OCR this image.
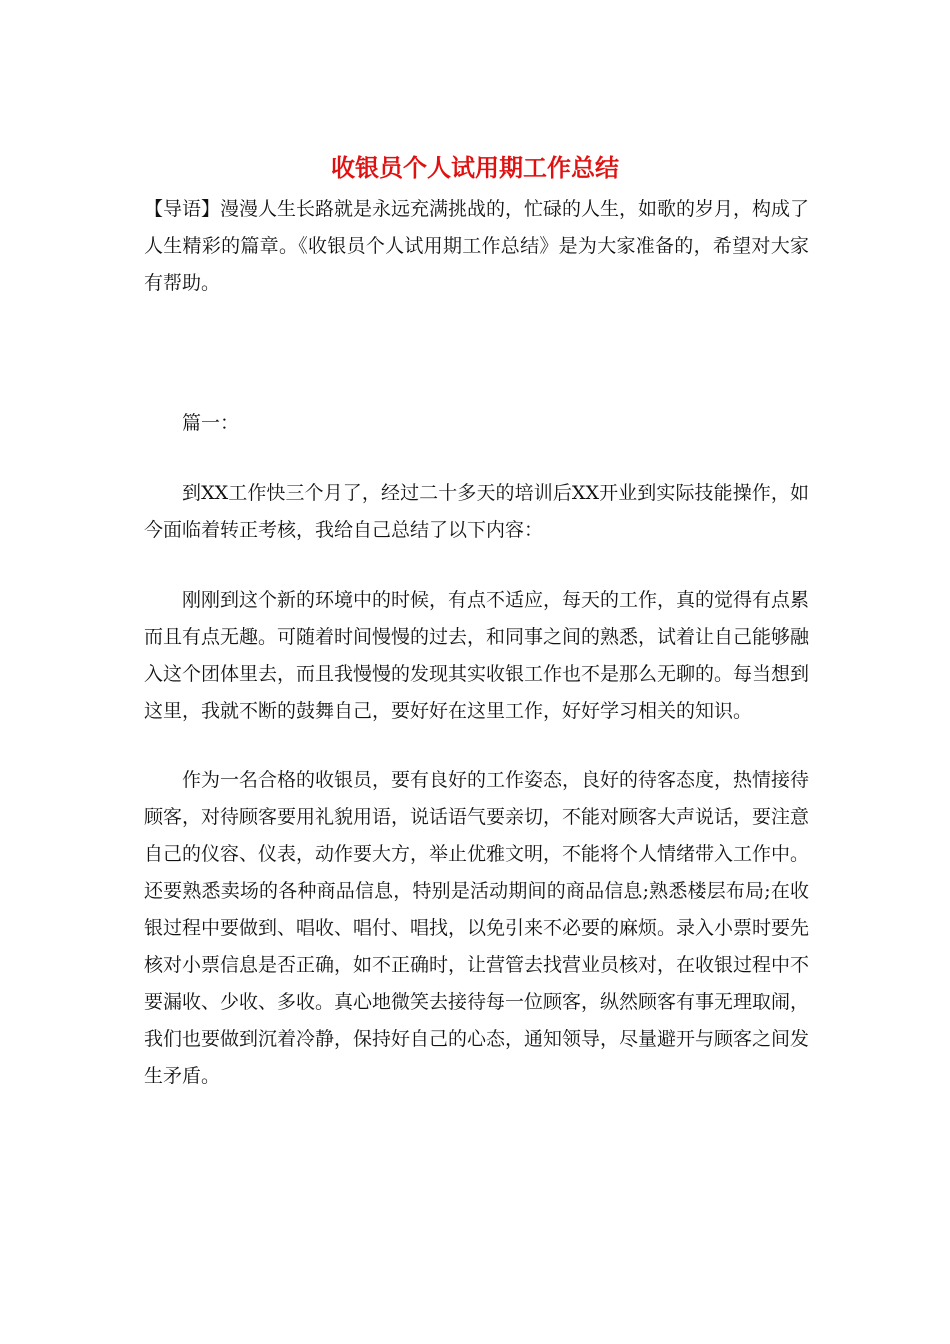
收银员个人试用期工作总结
【导语】漫漫人生长路就是永远充满挑战的，忙碌的人生，如歌的岁月，构成了人生精彩的篇章。《收银员个人试用期工作总结》是为大家准备的，希望对大家有帮助。
篇一：
到XX工作快三个月了，经过二十多天的培训后XX开业到实际技能操作，如今面临着转正考核，我给自己总结了以下内容：
刚刚到这个新的环境中的时候，有点不适应，每天的工作，真的觉得有点累而且有点无趣。可随着时间慢慢的过去，和同事之间的熟悉，试着让自己能够融入这个团体里去，而且我慢慢的发现其实收银工作也不是那么无聊的。每当想到这里，我就不断的鼓舞自己，要好好在这里工作，好好学习相关的知识。
作为一名合格的收银员，要有良好的工作姿态，良好的待客态度，热情接待顾客，对待顾客要用礼貌用语，说话语气要亲切，不能对顾客大声说话，要注意自己的仪容、仪表，动作要大方，举止优雅文明，不能将个人情绪带入工作中。还要熟悉卖场的各种商品信息，特别是活动期间的商品信息;熟悉楼层布局;在收银过程中要做到、唱收、唱付、唱找，以免引来不必要的麻烦。录入小票时要先核对小票信息是否正确，如不正确时，让营管去找营业员核对，在收银过程中不要漏收、少收、多收。真心地微笑去接待每一位顾客，纵然顾客有事无理取闹，我们也要做到沉着冷静，保持好自己的心态，通知领导，尽量避开与顾客之间发生矛盾。
